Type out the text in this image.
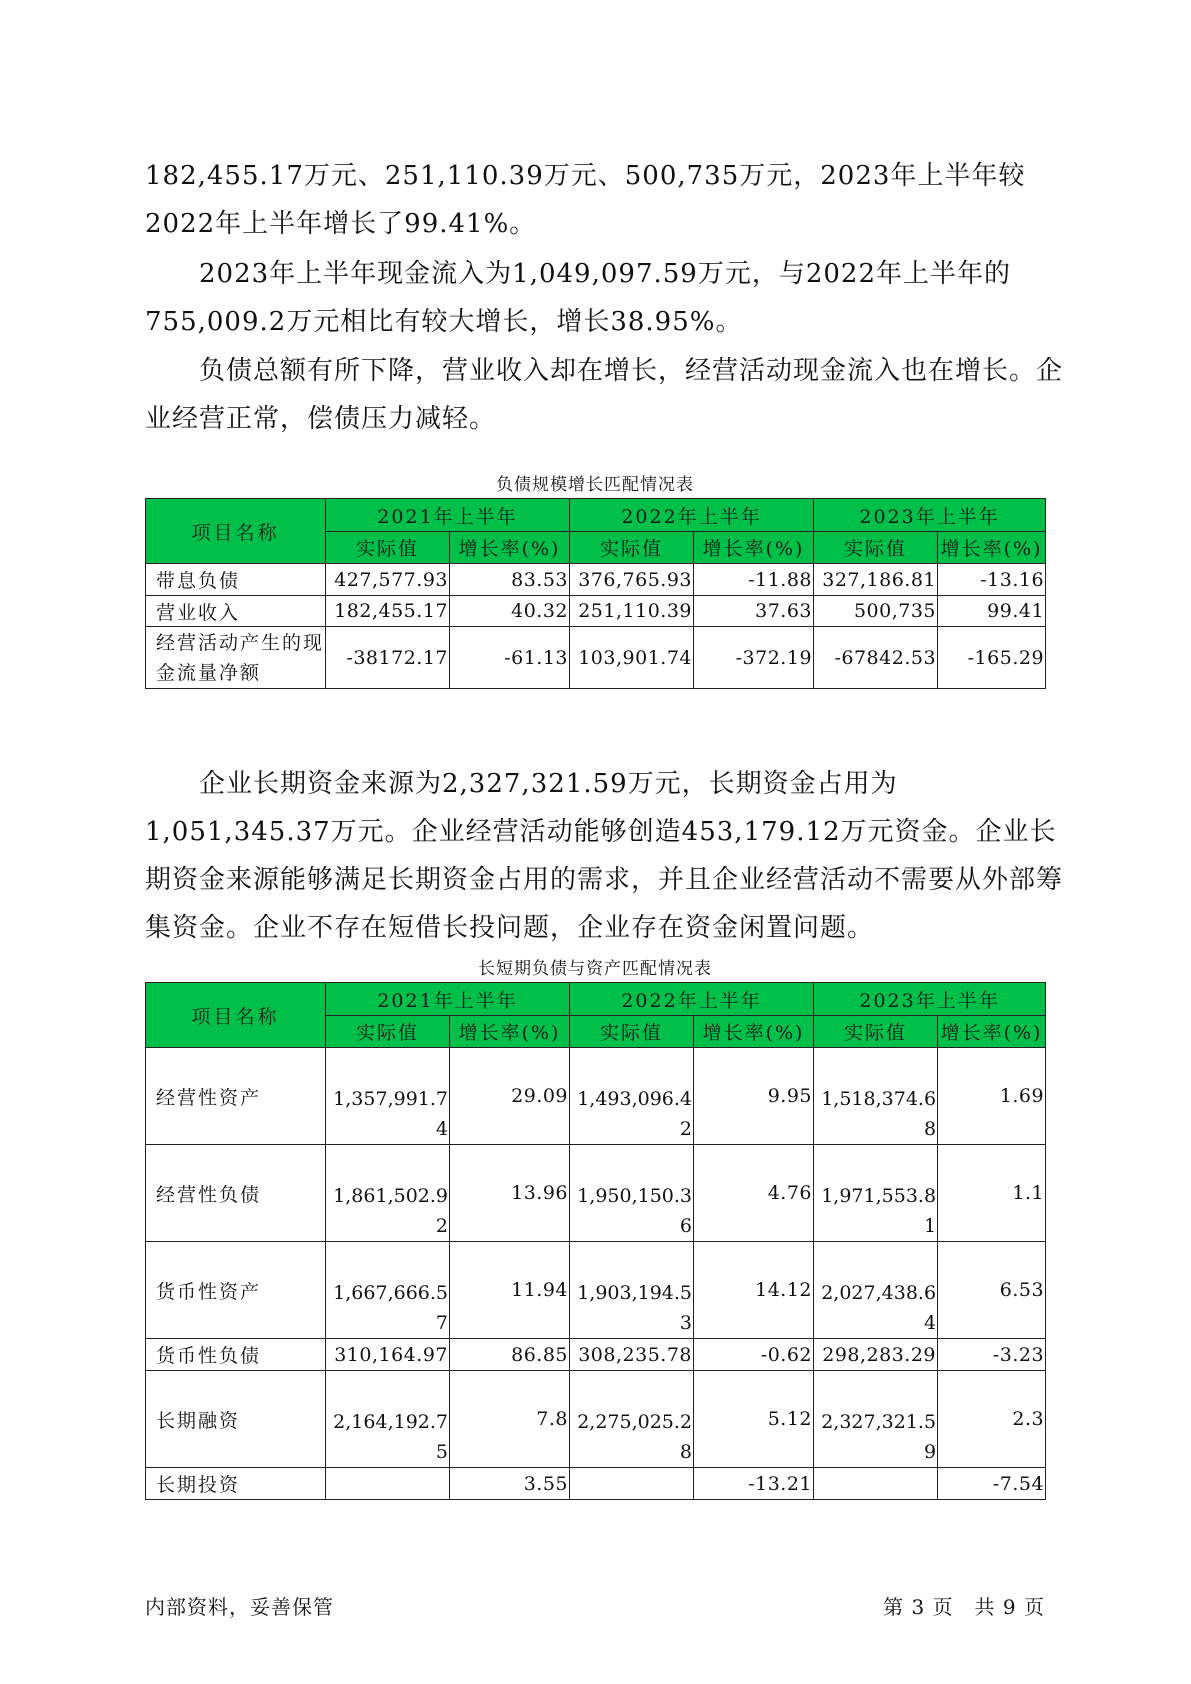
182,455.17万元、251,110.39万元、500,735万元，2023年上半年较2022年上半年增长了99.41%。

2023年上半年现金流入为1,049,097.59万元，与2022年上半年的755,009.2万元相比有较大增长，增长38.95%。

负债总额有所下降，营业收入却在增长，经营活动现金流入也在增长。企业经营正常，偿债压力减轻。

负债规模增长匹配情况表

项目名称	2021年上半年		2022年上半年		2023年上半年	
	实际值	增长率(%)	实际值	增长率(%)	实际值	增长率(%)
带息负债	427,577.93	83.53	376,765.93	-11.88	327,186.81	-13.16
营业收入	182,455.17	40.32	251,110.39	37.63	500,735	99.41
经营活动产生的现金流量净额	-38172.17	-61.13	103,901.74	-372.19	-67842.53	-165.29

企业长期资金来源为2,327,321.59万元，长期资金占用为1,051,345.37万元。企业经营活动能够创造453,179.12万元资金。企业长期资金来源能够满足长期资金占用的需求，并且企业经营活动不需要从外部筹集资金。企业不存在短借长投问题，企业存在资金闲置问题。

长短期负债与资产匹配情况表

项目名称	2021年上半年		2022年上半年		2023年上半年	
	实际值	增长率(%)	实际值	增长率(%)	实际值	增长率(%)
经营性资产	1,357,991.74	29.09	1,493,096.42	9.95	1,518,374.68	1.69
经营性负债	1,861,502.92	13.96	1,950,150.36	4.76	1,971,553.81	1.1
货币性资产	1,667,666.57	11.94	1,903,194.53	14.12	2,027,438.64	6.53
货币性负债	310,164.97	86.85	308,235.78	-0.62	298,283.29	-3.23
长期融资	2,164,192.75	7.8	2,275,025.28	5.12	2,327,321.59	2.3
长期投资		3.55		-13.21		-7.54

内部资料，妥善保管	第 3 页　共 9 页
